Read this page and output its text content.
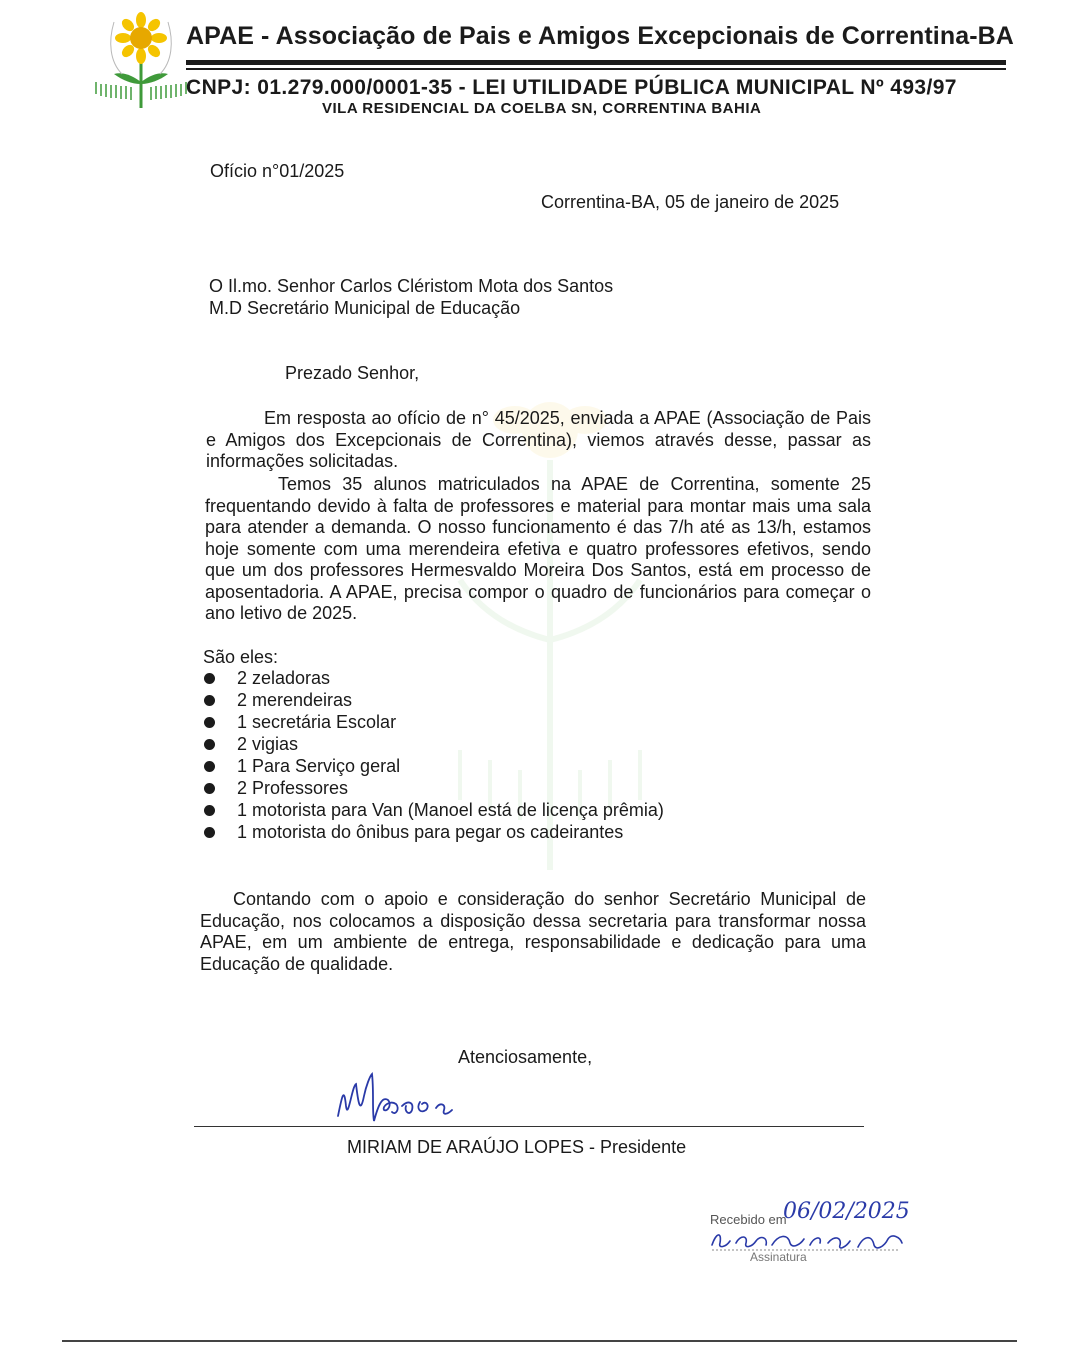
APAE - Associação de Pais e Amigos Excepcionais de Correntina-BA
CNPJ: 01.279.000/0001-35 - LEI UTILIDADE PÚBLICA MUNICIPAL Nº 493/97
VILA RESIDENCIAL DA COELBA SN, CORRENTINA BAHIA
Ofício n°01/2025
Correntina-BA, 05 de janeiro de 2025
O Il.mo. Senhor Carlos Cléristom Mota dos Santos
M.D Secretário Municipal de Educação
Prezado Senhor,
Em resposta ao ofício de n° 45/2025, enviada a APAE (Associação de Pais e Amigos dos Excepcionais de Correntina), viemos através desse, passar as informações solicitadas.
Temos 35 alunos matriculados na APAE de Correntina, somente 25 frequentando devido à falta de professores e material para montar mais uma sala para atender a demanda. O nosso funcionamento é das 7/h até as 13/h, estamos hoje somente com uma merendeira efetiva e quatro professores efetivos, sendo que um dos professores Hermesvaldo Moreira Dos Santos, está em processo de aposentadoria. A APAE, precisa compor o quadro de funcionários para começar o ano letivo de 2025.
São eles:
2 zeladoras
2 merendeiras
1 secretária Escolar
2 vigias
1 Para Serviço geral
2 Professores
1 motorista para Van (Manoel está de licença prêmia)
1 motorista do ônibus para pegar os cadeirantes
Contando com o apoio e consideração do senhor Secretário Municipal de Educação, nos colocamos a disposição dessa secretaria para transformar nossa APAE, em um ambiente de entrega, responsabilidade e dedicação para uma Educação de qualidade.
Atenciosamente,
MIRIAM DE ARAÚJO LOPES - Presidente
Recebido em
06/02/2025
Assinatura
